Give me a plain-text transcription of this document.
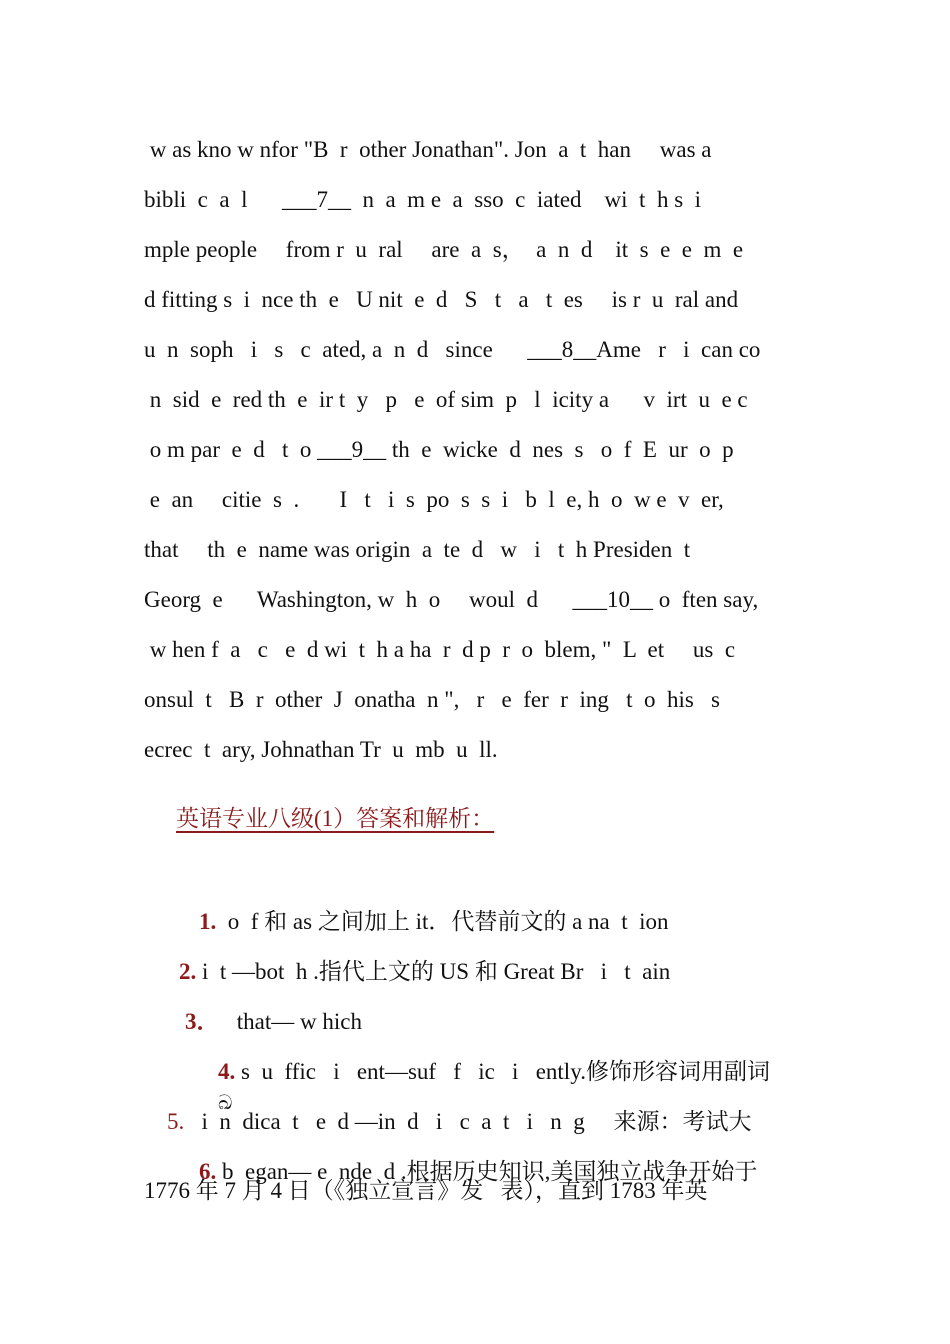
w as kno w nfor "B  r  other Jonathan". Jon  a  t  han     was a
bibli  c  a  l      ___7__  n  a  m e  a  sso  c  iated    wi  t  h s  i
mple people     from r  u  ral     are  a  s，  a  n  d    it  s  e  e  m  e
d fitting s  i  nce th  e   U nit  e  d   S   t   a   t  es     is r  u  ral and
u  n  soph   i   s   c  ated, a  n  d   since      ___8__Ame   r   i  can co
n  sid  e  red th  e  ir t  y   p   e  of sim  p   l  icity a      v  irt  u  e c
o m par  e  d   t  o ___9__ th  e  wicke  d  nes  s   o  f  E  ur  o  p
e  an     citie  s  .       I   t   i  s  po  s  s  i   b  l  e, h  o  w e  v  er,
that     th  e  name was origin  a  te  d   w   i   t  h Presiden  t
Georg  e      Washington, w  h  o     woul  d      ___10__ o  ften say,
w hen f  a   c   e  d wi  t  h a ha  r  d p  r  o  blem, "  L  et     us  c
onsul  t   B  r  other  J  onatha  n ",   r   e  fer  r  ing   t  o  his   s
ecrec  t  ary, Johnathan Tr  u  mb  u  ll.
英语专业八级(1）答案和解析：

1.  o  f 和 as 之间加上 it．代替前文的 a na  t  ion

2. i  t —bot  h .指代上文的 US 和 Great Br   i   t  ain

3．   that— w hich

4. s  u  ffic   i   ent—suf   f   ic   i   ently.修饰形容词用副词
ඛ

5.   i  n  dica  t   e  d —in  d   i   c  a  t   i   n  g     来源：考试大

6. b  egan— e  nde  d .根据历史知识,美国独立战争开始于

1776 年 7 月 4 日（《独立宣言》发   表），直到 1783 年英
